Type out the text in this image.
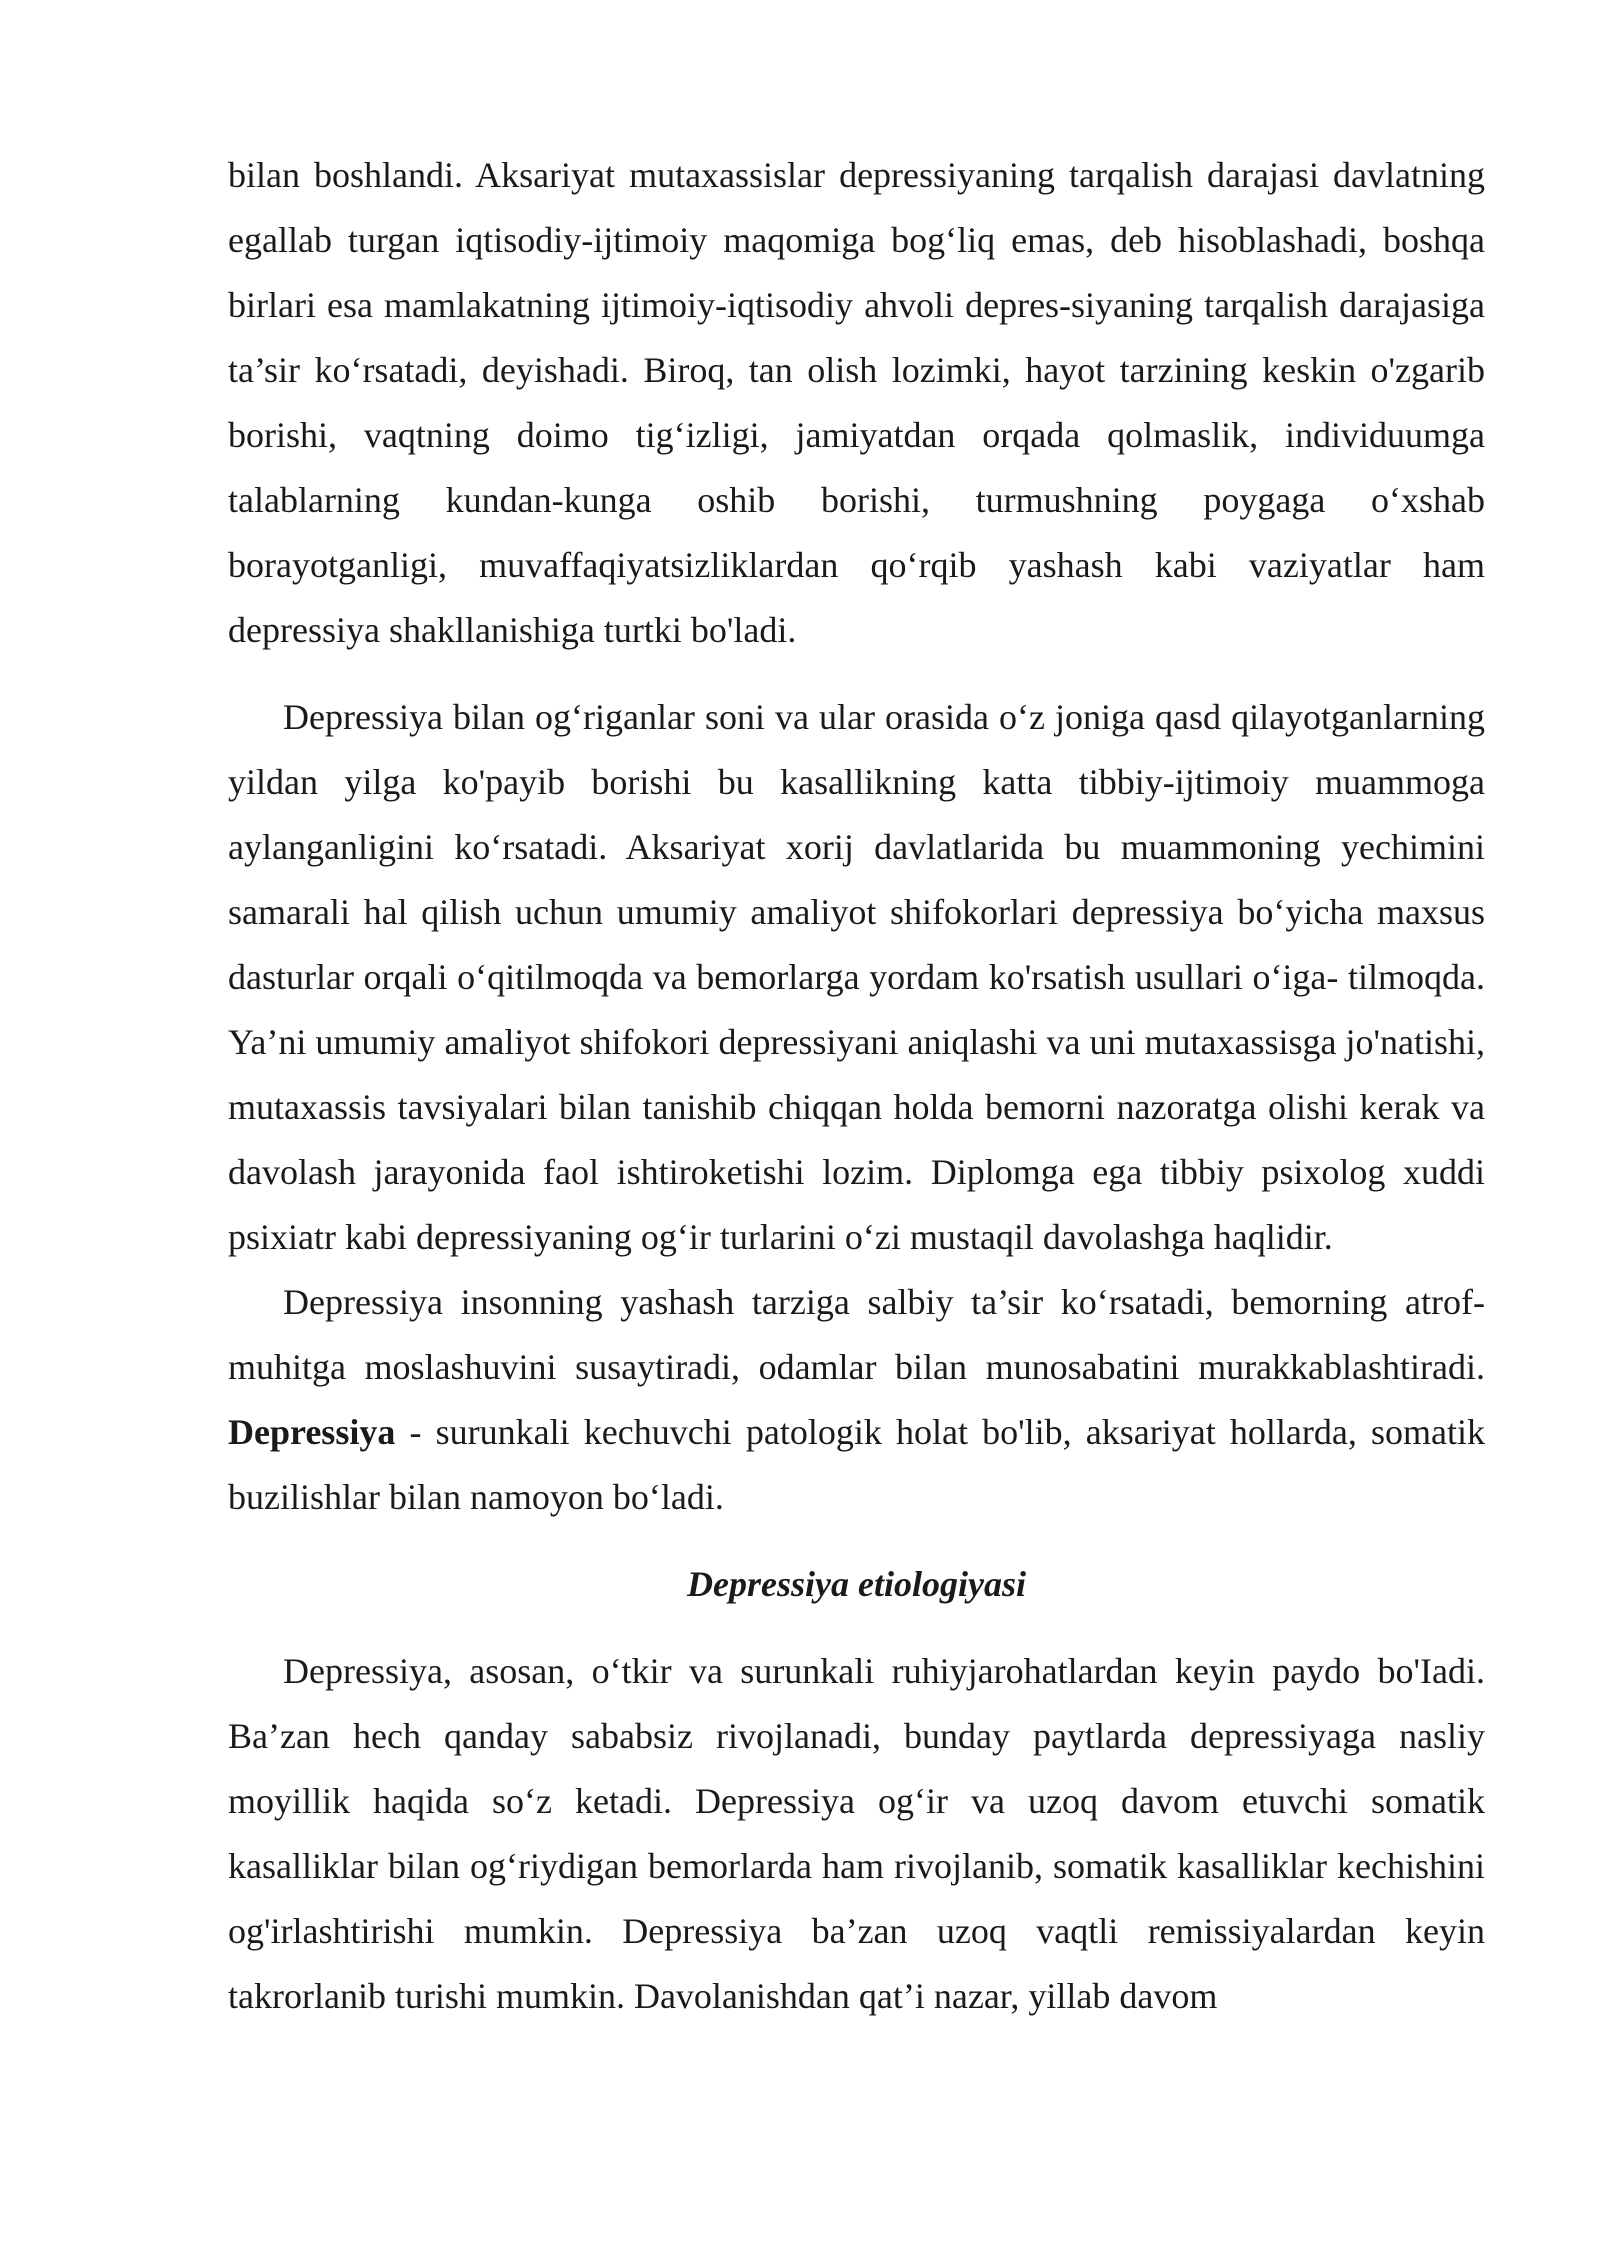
bilan boshlandi. Aksariyat mutaxassislar depressiyaning tarqalish darajasi davlatning egallab turgan iqtisodiy-ijtimoiy maqomiga bog‘liq emas, deb hisoblashadi, boshqa birlari esa mamlakatning ijtimoiy-iqtisodiy ahvoli depres-siyaning tarqalish darajasiga ta’sir ko‘rsatadi, deyishadi. Biroq, tan olish lozimki, hayot tarzining keskin o'zgarib borishi, vaqtning doimo tig‘izligi, jamiyatdan orqada qolmaslik, individuumga talablarning kundan-kunga oshib borishi, turmushning poygaga o‘xshab borayotganligi, muvaffaqiyatsizliklardan qo‘rqib yashash kabi vaziyatlar ham depressiya shakllanishiga turtki bo'ladi.

Depressiya bilan og‘riganlar soni va ular orasida o‘z joniga qasd qilayotganlarning yildan yilga ko'payib borishi bu kasallikning katta tibbiy-ijtimoiy muammoga aylanganligini ko‘rsatadi. Aksariyat xorij davlatlarida bu muammoning yechimini samarali hal qilish uchun umumiy amaliyot shifokorlari depressiya bo‘yicha maxsus dasturlar orqali o‘qitilmoqda va bemorlarga yordam ko'rsatish usullari o‘iga- tilmoqda. Ya’ni umumiy amaliyot shifokori depressiyani aniqlashi va uni mutaxassisga jo'natishi, mutaxassis tavsiyalari bilan tanishib chiqqan holda bemorni nazoratga olishi kerak va davolash jarayonida faol ishtiroketishi lozim. Diplomga ega tibbiy psixolog xuddi psixiatr kabi depressiyaning og‘ir turlarini o‘zi mustaqil davolashga haqlidir.

Depressiya insonning yashash tarziga salbiy ta’sir ko‘rsatadi, bemorning atrof-muhitga moslashuvini susaytiradi, odamlar bilan munosabatini murakkablashtiradi. Depressiya - surunkali kechuvchi patologik holat bo'lib, aksariyat hollarda, somatik buzilishlar bilan namoyon bo‘ladi.

Depressiya etiologiyasi

Depressiya, asosan, o‘tkir va surunkali ruhiyjarohatlardan keyin paydo bo'Iadi. Ba’zan hech qanday sababsiz rivojlanadi, bunday paytlarda depressiyaga nasliy moyillik haqida so‘z ketadi. Depressiya og‘ir va uzoq davom etuvchi somatik kasalliklar bilan og‘riydigan bemorlarda ham rivojlanib, somatik kasalliklar kechishini og'irlashtirishi mumkin. Depressiya ba’zan uzoq vaqtli remissiyalardan keyin takrorlanib turishi mumkin. Davolanishdan qat’i nazar, yillab davom
